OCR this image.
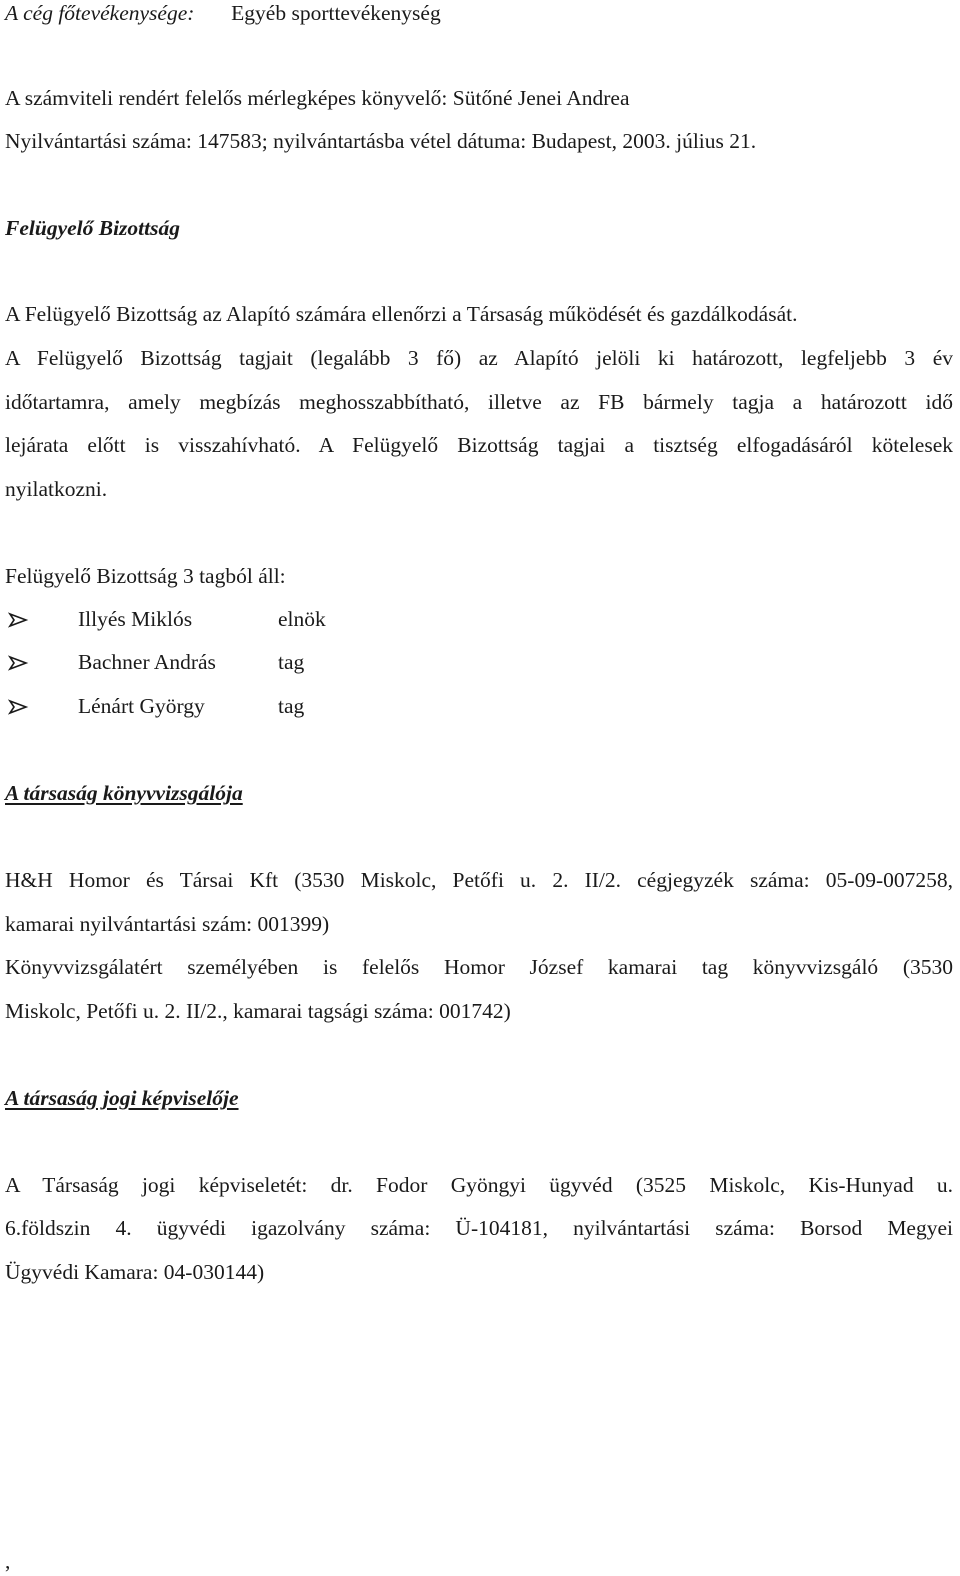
A cég főtevékenysége: Egyéb sporttevékenység
A számviteli rendért felelős mérlegképes könyvelő: Sütőné Jenei Andrea
Nyilvántartási száma: 147583; nyilvántartásba vétel dátuma: Budapest, 2003. július 21.
Felügyelő Bizottság
A Felügyelő Bizottság az Alapító számára ellenőrzi a Társaság működését és gazdálkodását.
A Felügyelő Bizottság tagjait (legalább 3 fő) az Alapító jelöli ki határozott, legfeljebb 3 év
időtartamra, amely megbízás meghosszabbítható, illetve az FB bármely tagja a határozott idő
lejárata előtt is visszahívható. A Felügyelő Bizottság tagjai a tisztség elfogadásáról kötelesek
nyilatkozni.
Felügyelő Bizottság 3 tagból áll:
Illyés Miklós	elnök
Bachner András	tag
Lénárt György	tag
A társaság könyvvizsgálója
H&H Homor és Társai Kft (3530 Miskolc, Petőfi u. 2. II/2. cégjegyzék száma: 05-09-007258,
kamarai nyilvántartási szám: 001399)
Könyvvizsgálatért személyében is felelős Homor József kamarai tag könyvvizsgáló (3530
Miskolc, Petőfi u. 2. II/2., kamarai tagsági száma: 001742)
A társaság jogi képviselője
A Társaság jogi képviseletét: dr. Fodor Gyöngyi ügyvéd (3525 Miskolc, Kis-Hunyad u.
6.földszin 4. ügyvédi igazolvány száma: Ü-104181, nyilvántartási száma: Borsod Megyei
Ügyvédi Kamara: 04-030144)
,
